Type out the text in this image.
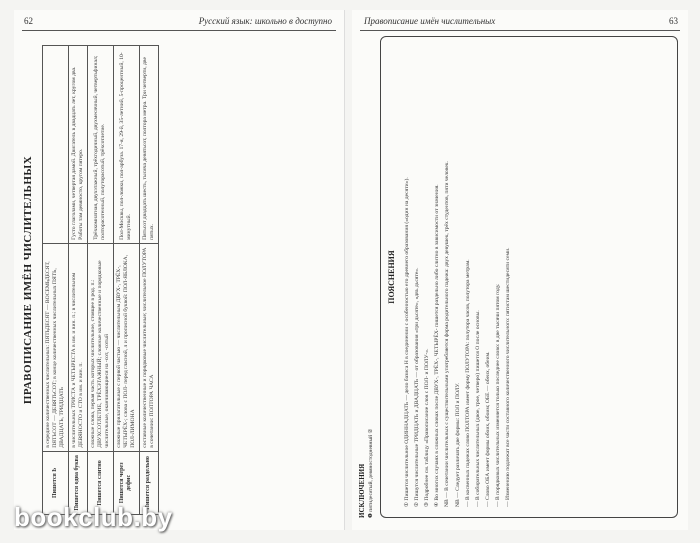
62	Русский язык: школьно в доступно
ПРАВОПИСАНИЕ ИМЁН ЧИСЛИТЕЛЬНЫХ
Пишется Ь	в середине количественных числительных: ПЯТЬДЕСЯТ — ВОСЕМЬДЕСЯТ, ПЯТЬСОТ — ДЕВЯТЬСОТ; в конце количественных числительных ПЯТЬ, ДВАДЦАТЬ, ТРИДЦАТЬ	
Пишется одна буква	в числительных ТРИСТА и ЧЕТЫРЕСТА в им. и вин. п.; в числительном ДЕВЯНОСТО и СТО в им. и вин. п.	Густо глаголами, четвертая дамой. Двигатель в двадцать лет, кругом два. Работы там девяносто, кругом пятеро.
Пишется слитно	сложные слова, первая часть которых числительное, стоящее в род. п.: ДВУХСОТЛЕТИЕ, ТРЁХЭТАЖНЫЙ; сложные количественные и порядковые числительные, оканчивающиеся на -сот, -сотый	Трёхкомнатная, двухэтажный, трёхгодичный, двухмесячный, четвертьфинал; полторасотенный, полуторасотый, трёхсотлетие.
Пишется через дефис	сложные прилагательные с первой частью — числительным ДВУХ-, ТРЁХ-, ЧЕТЫРЁХ-; слова с ПОЛ- перед гласной, л и прописной буквой: ПОЛ-ЯБЛОКА, ПОЛ-ЛИМОНА	Пол-Москвы, пол-ложки, пол-арбуза. 17-я, 29-й, 35-летний, 5-процентный, 10-минутный.
Пишется раздельно	составные количественные и порядковые числительные; числительное ПОЛУТОРА в сочетании: ПОЛТОРА ЧАСА	Пятьсот двадцать шесть, тысяча девятьсот, полтора метра. Три четверти, две пятых.
Правописание имён числительных	63
ИСКЛЮЧЕНИЯ ❶ пятидесятый, девяностодневный ②
ПОЯСНЕНИЯ ① Пишется числительное ОДИННАДЦАТЬ — дело базиса Н в соединении с особенностью его древнего образования («один на десяти»). ② Пишутся числительные ТРИДЦАТЬ и ДВАДЦАТЬ — от образования «три дьсяте», «двъ дьсяте». ③ Подробнее см. таблицу «Правописание слов с ПОЛ- и ПОЛУ-». ④ Во многих случаях в сложных словах после ДВУХ-, ТРЁХ-, ЧЕТЫРЁХ- пишется раздельно либо слитно в зависимости от значения. NB — В сочетании числительных с существительными употребляется форма родительного падежа: двух девушек, трёх студентов, пяти человек. NB — Следует различать две формы: ПОЛ и ПОЛУ. — В косвенных падежах слово ПОЛТОРА имеет форму ПОЛУТОРА: полутора часов, полутора метрам. — В собирательных числительных (двое, трое, четверо) пишется О после основы. — Слово ОБА имеет формы обоих, обоим; ОБЕ — обеих, обеим. — В порядковых числительных изменяется только последнее слово: в две тысячи пятом году. — Изменению подлежат все части составного количественного числительного: пятистам шестидесяти семи.

bookclub.by
